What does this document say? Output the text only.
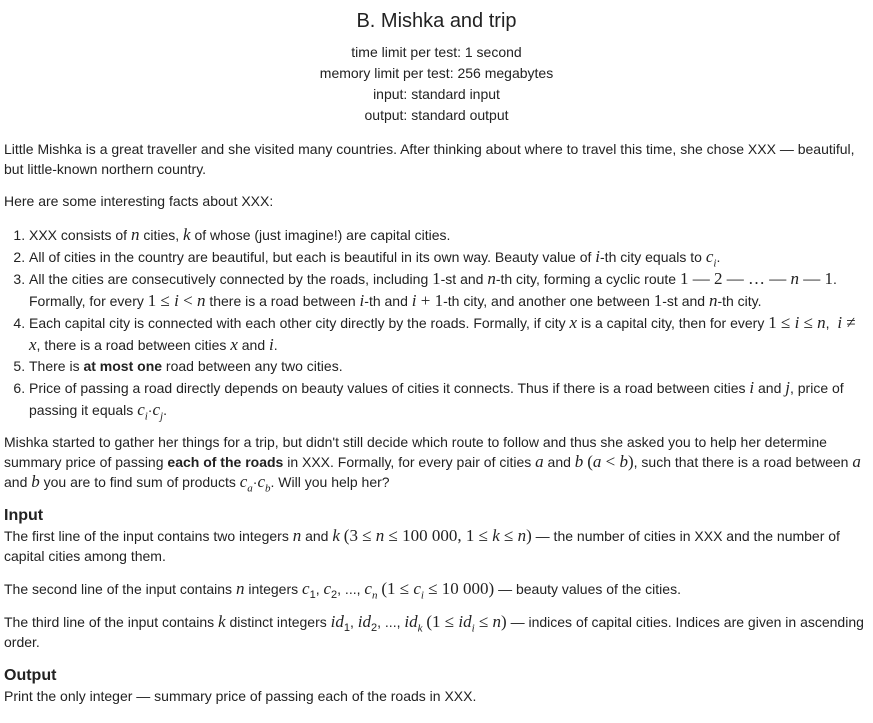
B. Mishka and trip
time limit per test: 1 second
memory limit per test: 256 megabytes
input: standard input
output: standard output

Little Mishka is a great traveller and she visited many countries. After thinking about where to travel this time, she chose XXX — beautiful, but little-known northern country.

Here are some interesting facts about XXX:

1. XXX consists of n cities, k of whose (just imagine!) are capital cities.
2. All of cities in the country are beautiful, but each is beautiful in its own way. Beauty value of i-th city equals to $c_i$.
3. All the cities are consecutively connected by the roads, including 1-st and n-th city, forming a cyclic route 1 — 2 — … — n — 1. Formally, for every 1 ≤ i < n there is a road between i-th and i + 1-th city, and another one between 1-st and n-th city.
4. Each capital city is connected with each other city directly by the roads. Formally, if city x is a capital city, then for every 1 ≤ i ≤ n,  i ≠ x, there is a road between cities x and i.
5. There is at most one road between any two cities.
6. Price of passing a road directly depends on beauty values of cities it connects. Thus if there is a road between cities i and j, price of passing it equals $c_i\cdot c_j$.

Mishka started to gather her things for a trip, but didn't still decide which route to follow and thus she asked you to help her determine summary price of passing each of the roads in XXX. Formally, for every pair of cities a and b (a < b), such that there is a road between a and b you are to find sum of products $c_a\cdot c_b$. Will you help her?

Input

The first line of the input contains two integers n and k (3 ≤ n ≤ 100 000, 1 ≤ k ≤ n) — the number of cities in XXX and the number of capital cities among them.

The second line of the input contains n integers $c_1$, $c_2$, ..., $c_n$ ($1 \le c_i \le 10$ 000) — beauty values of the cities.

The third line of the input contains k distinct integers $id_1$, $id_2$, ..., $id_k$ $(1 \le id_i \le n)$ — indices of capital cities. Indices are given in ascending order.

Output

Print the only integer — summary price of passing each of the roads in XXX.
